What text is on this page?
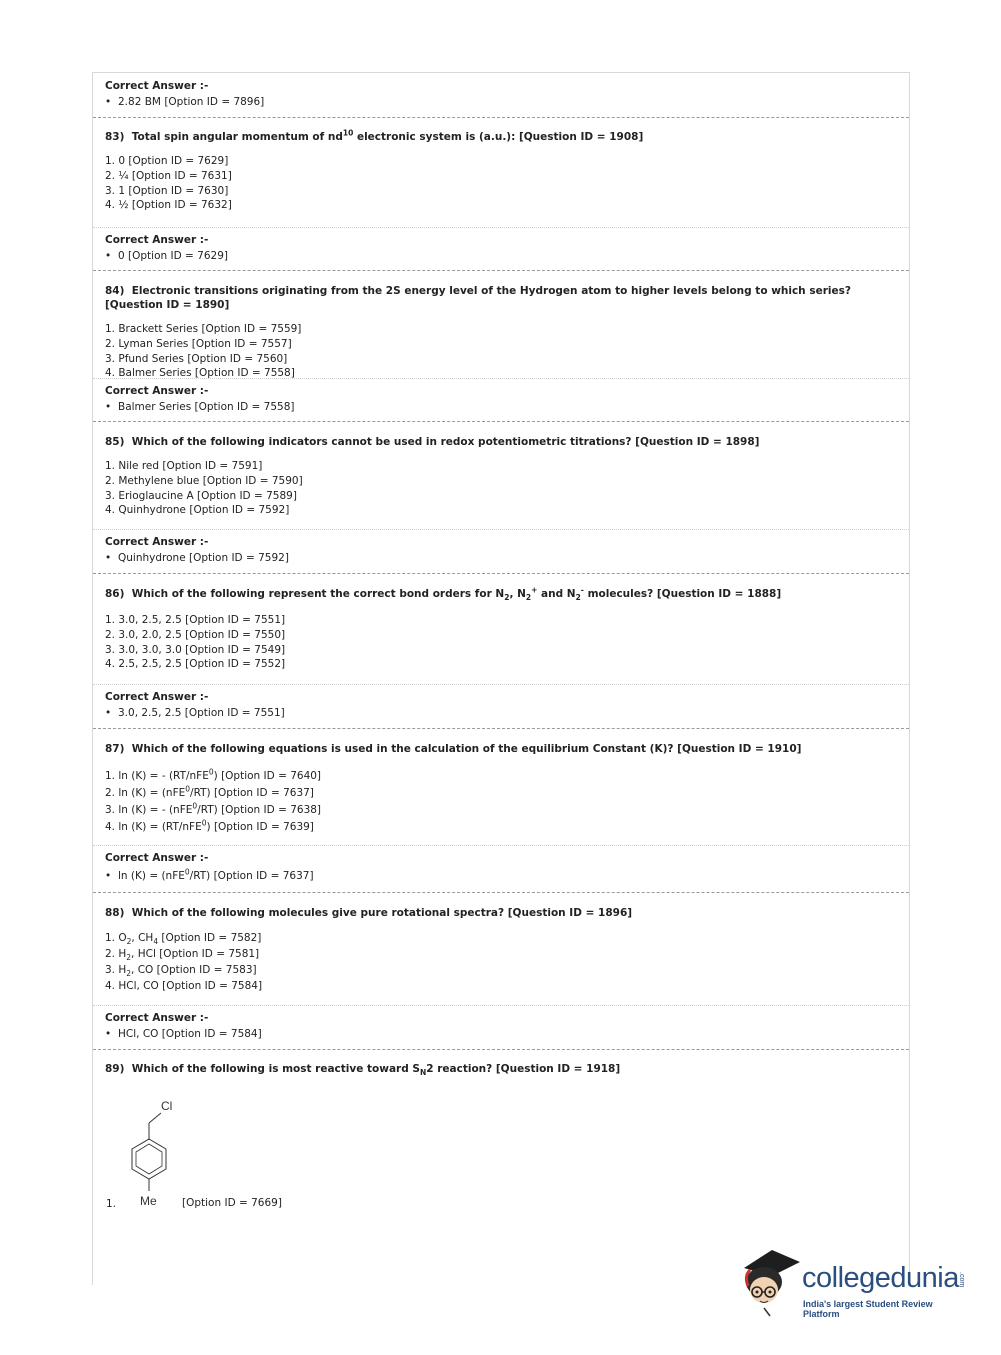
Correct Answer :-
• 2.82 BM [Option ID = 7896]
83) Total spin angular momentum of $nd^{10}$ electronic system is (a.u.): [Question ID = 1908]
1. 0 [Option ID = 7629]
2. ¼ [Option ID = 7631]
3. 1 [Option ID = 7630]
4. ½ [Option ID = 7632]
Correct Answer :-
• 0 [Option ID = 7629]
84) Electronic transitions originating from the 2S energy level of the Hydrogen atom to higher levels belong to which series? [Question ID = 1890]
1. Brackett Series [Option ID = 7559]
2. Lyman Series [Option ID = 7557]
3. Pfund Series [Option ID = 7560]
4. Balmer Series [Option ID = 7558]
Correct Answer :-
• Balmer Series [Option ID = 7558]
85) Which of the following indicators cannot be used in redox potentiometric titrations? [Question ID = 1898]
1. Nile red [Option ID = 7591]
2. Methylene blue [Option ID = 7590]
3. Erioglaucine A [Option ID = 7589]
4. Quinhydrone [Option ID = 7592]
Correct Answer :-
• Quinhydrone [Option ID = 7592]
86) Which of the following represent the correct bond orders for $N_2$, $N_2^+$ and $N_2^-$ molecules? [Question ID = 1888]
1. 3.0, 2.5, 2.5 [Option ID = 7551]
2. 3.0, 2.0, 2.5 [Option ID = 7550]
3. 3.0, 3.0, 3.0 [Option ID = 7549]
4. 2.5, 2.5, 2.5 [Option ID = 7552]
Correct Answer :-
• 3.0, 2.5, 2.5 [Option ID = 7551]
87) Which of the following equations is used in the calculation of the equilibrium Constant (K)? [Question ID = 1910]
1. ln (K) = - (RT/nFE$^0$) [Option ID = 7640]
2. ln (K) = (nFE$^0$/RT) [Option ID = 7637]
3. ln (K) = - (nFE$^0$/RT) [Option ID = 7638]
4. ln (K) = (RT/nFE$^0$) [Option ID = 7639]
Correct Answer :-
• ln (K) = (nFE$^0$/RT) [Option ID = 7637]
88) Which of the following molecules give pure rotational spectra? [Question ID = 1896]
1. $O_2$, $CH_4$ [Option ID = 7582]
2. $H_2$, HCl [Option ID = 7581]
3. $H_2$, CO [Option ID = 7583]
4. HCl, CO [Option ID = 7584]
Correct Answer :-
• HCl, CO [Option ID = 7584]
89) Which of the following is most reactive toward $S_N2$ reaction? [Question ID = 1918]
Cl
Me
1.	[Option ID = 7669]
collegedunia .com
India's largest Student Review Platform
